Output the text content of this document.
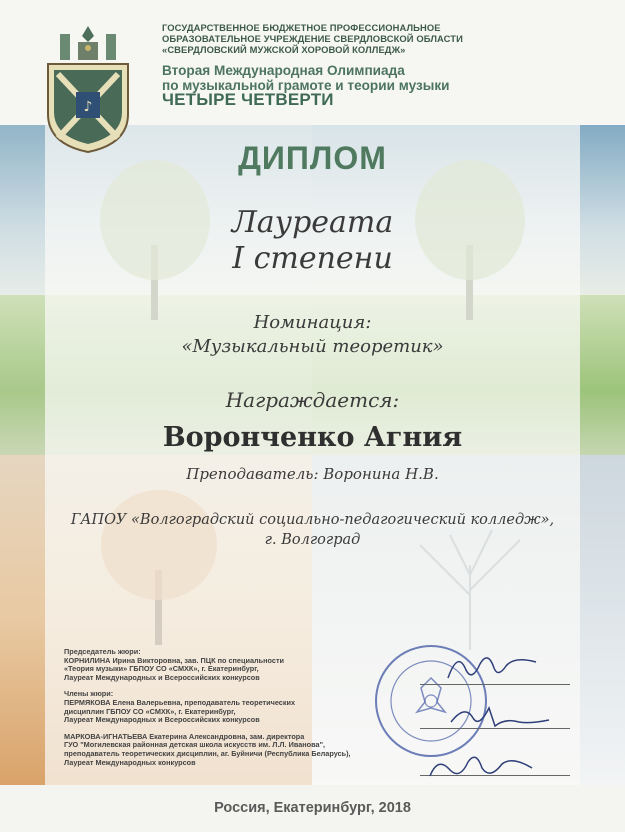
♪
ГОСУДАРСТВЕННОЕ БЮДЖЕТНОЕ ПРОФЕССИОНАЛЬНОЕ
ОБРАЗОВАТЕЛЬНОЕ УЧРЕЖДЕНИЕ СВЕРДЛОВСКОЙ ОБЛАСТИ
«СВЕРДЛОВСКИЙ МУЖСКОЙ ХОРОВОЙ КОЛЛЕДЖ»
Вторая Международная Олимпиада
по музыкальной грамоте и теории музыки
ЧЕТЫРЕ ЧЕТВЕРТИ
ДИПЛОМ
Лауреата
I степени
Номинация:
«Музыкальный теоретик»
Награждается:
Воронченко Агния
Преподаватель: Воронина Н.В.
ГАПОУ «Волгоградский социально-педагогический колледж»,
г. Волгоград
Председатель жюри:
КОРНИЛИНА Ирина Викторовна, зав. ПЦК по специальности
«Теория музыки» ГБПОУ СО «СМХК», г. Екатеринбург,
Лауреат Международных и Всероссийских конкурсов
Члены жюри:
ПЕРМЯКОВА Елена Валерьевна, преподаватель теоретических
дисциплин ГБПОУ СО «СМХК», г. Екатеринбург,
Лауреат Международных и Всероссийских конкурсов
МАРКОВА-ИГНАТЬЕВА Екатерина Александровна, зам. директора
ГУО "Могилевская районная детская школа искусств им. Л.Л. Иванова",
преподаватель теоретических дисциплин, аг. Буйничи (Республика Беларусь),
Лауреат Международных конкурсов
Россия, Екатеринбург, 2018
